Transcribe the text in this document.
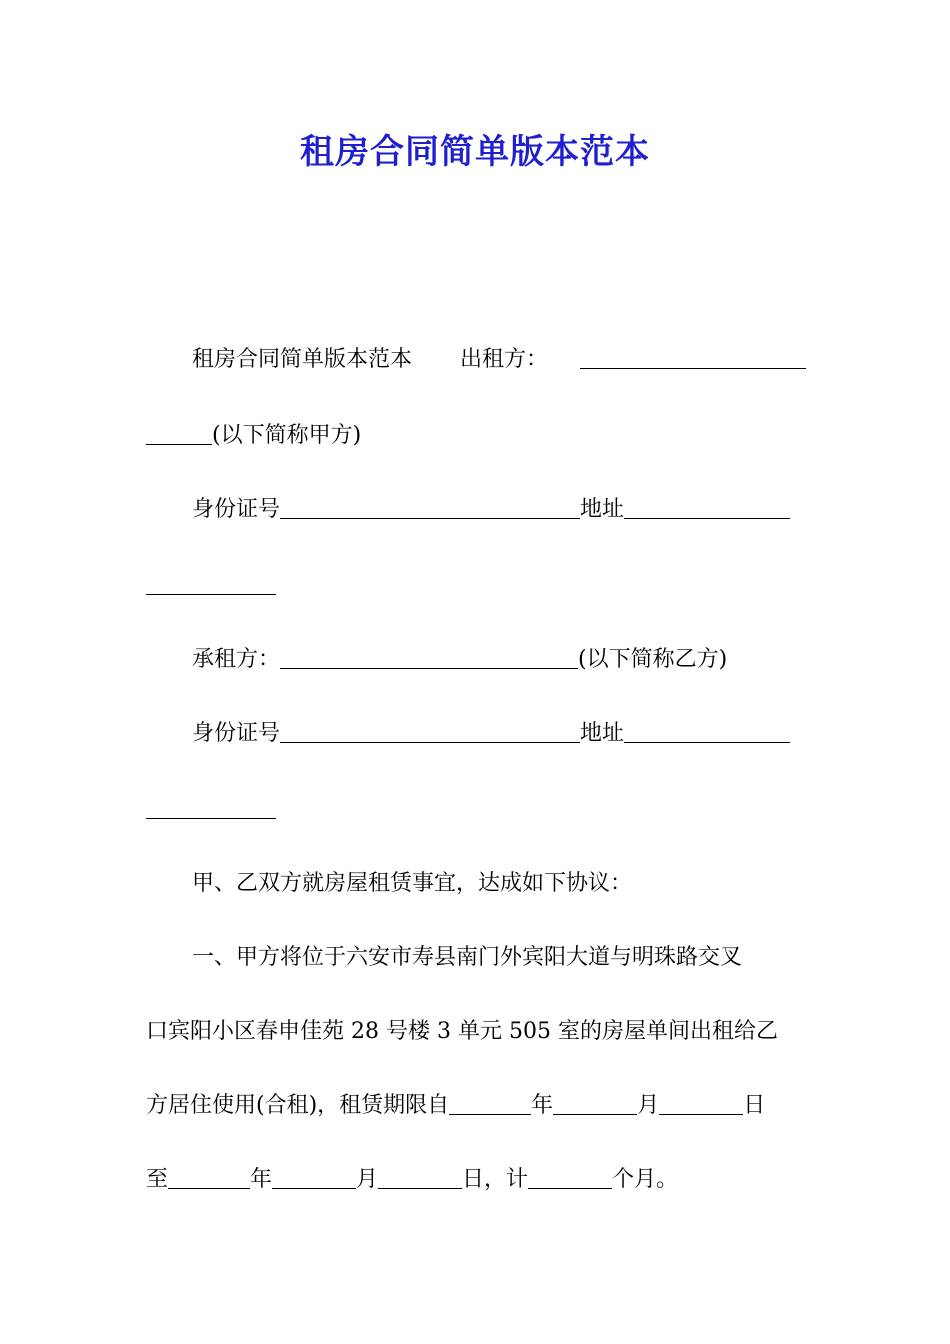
租房合同简单版本范本
租房合同简单版本范本 出租方：
(以下简称甲方)
身份证号	地址
承租方：	(以下简称乙方)
身份证号	地址
甲、乙双方就房屋租赁事宜，达成如下协议：
一、甲方将位于六安市寿县南门外宾阳大道与明珠路交叉
口宾阳小区春申佳苑 28 号楼 3 单元 505 室的房屋单间出租给乙
方居住使用(合租)，租赁期限自	年	月	日
至	年	月	日，计	个月。
